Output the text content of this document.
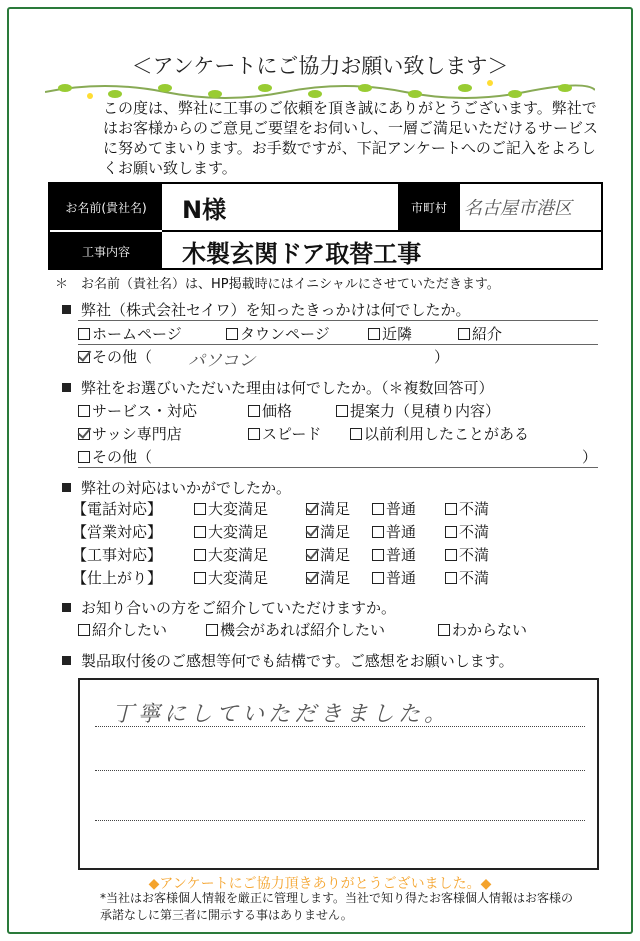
＜アンケートにご協力お願い致します＞
この度は、弊社に工事のご依頼を頂き誠にありがとうございます。弊社ではお客様からのご意見ご要望をお伺いし、一層ご満足いただけるサービスに努めてまいります。お手数ですが、下記アンケートへのご記入をよろしくお願い致します。
お名前(貴社名)	N様	市町村 名古屋市港区
工事内容	木製玄関ドア取替工事
＊　お名前（貴社名）は、HP掲載時にはイニシャルにさせていただきます。
弊社（株式会社セイワ）を知ったきっかけは何でしたか。
ホームページ	タウンページ	近隣	紹介
その他（ パソコン	）
弊社をお選びいただいた理由は何でしたか。（＊複数回答可）
サービス・対応	価格	提案力（見積り内容）
サッシ専門店	スピード	以前利用したことがある
その他（	）
弊社の対応はいかがでしたか。
【電話対応】	大変満足	満足	普通	不満
【営業対応】	大変満足	満足	普通	不満
【工事対応】	大変満足	満足	普通	不満
【仕上がり】	大変満足	満足	普通	不満
お知り合いの方をご紹介していただけますか。
紹介したい	機会があれば紹介したい	わからない
製品取付後のご感想等何でも結構です。ご感想をお願いします。
丁寧にしていただきました。
◆アンケートにご協力頂きありがとうございました。◆
*当社はお客様個人情報を厳正に管理します。当社で知り得たお客様個人情報はお客様の承諾なしに第三者に開示する事はありません。
